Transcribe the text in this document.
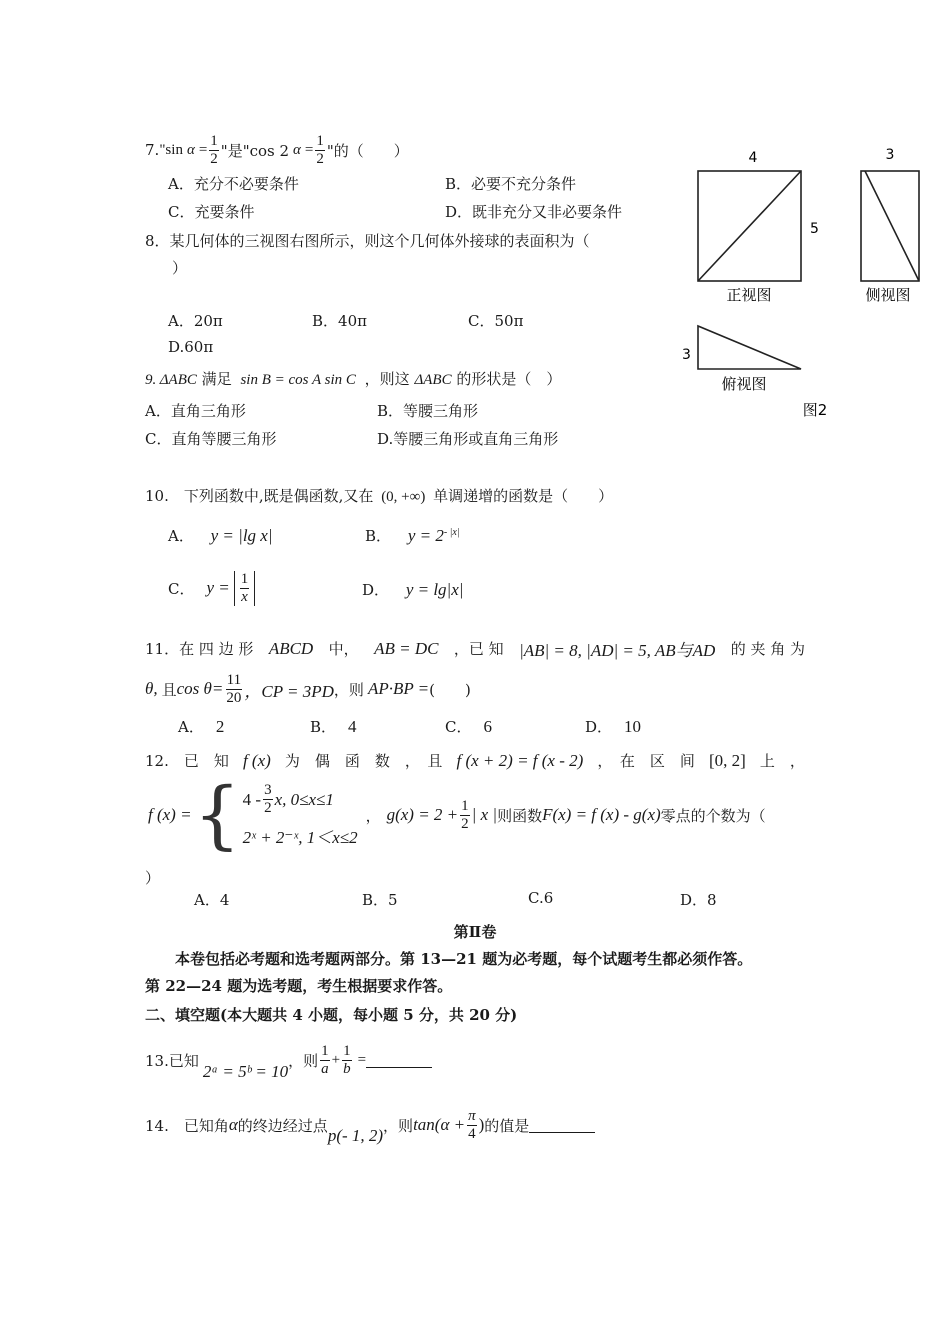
7. "sin $\alpha = \frac{1}{2}$ "是"cos 2 $\alpha = \frac{1}{2}$ "的（　　）
A．充分不必要条件	B．必要不充分条件
C．充要条件	D．既非充分又非必要条件
8．某几何体的三视图右图所示，则这个几何体外接球的表面积为（
）
A．20π	B．40π	C．50π
D.60π
4
5
正视图
3
侧视图
3
俯视图
图2
9. ΔABC 满足 sin B = cos A sin C ，则这 ΔABC 的形状是（　）
A．直角三角形	B．等腰三角形
C．直角等腰三角形	D.等腰三角形或直角三角形
10.　下列函数中,既是偶函数,又在 (0, +∞) 单调递增的函数是（　　）
A． y = |lg x|	B． $y = 2^{- |x|}$
C． $y = \frac{1}{x}$	D． y = lg|x|
11．在 四 边 形 ABCD 中， AB = DC ，已 知 |AB| = 8, |AD| = 5, AB与AD 的 夹 角 为
θ, 且 $\cos \theta= \frac{11}{20}$ ，CP = 3PD ，则 AP·BP = (　　)
A． 2	B． 4	C． 6	D． 10
12.　已　知 f (x) 为　偶　函　数　，　且 f (x + 2) = f (x - 2) ，　在　区　间 [0, 2] 上　，
f (x) = { $4 - \frac{3}{2} x$, 0≤x≤1
2ˣ + 2⁻ˣ, 1＜x≤2
， $g(x) = 2 + \frac{1}{2}$ | x | 则函数 F(x) = f (x) - g(x) 零点的个数为（
）
A．4	B．5	C.6	D．8
第Ⅱ卷
本卷包括必考题和选考题两部分。第 13—21 题为必考题，每个试题考生都必须作答。
第 22—24 题为选考题，考生根据要求作答。
二、填空题(本大题共 4 小题，每小题 5 分，共 20 分)
13.已知
2ᵃ = 5ᵇ = 10
，则 $\frac{1}{a} + \frac{1}{b}$ =
14.　已知角 α 的终边经过点
p(- 1, 2)
，则 $\tan(\alpha + \frac{\pi}{4}$ ) 的值是
